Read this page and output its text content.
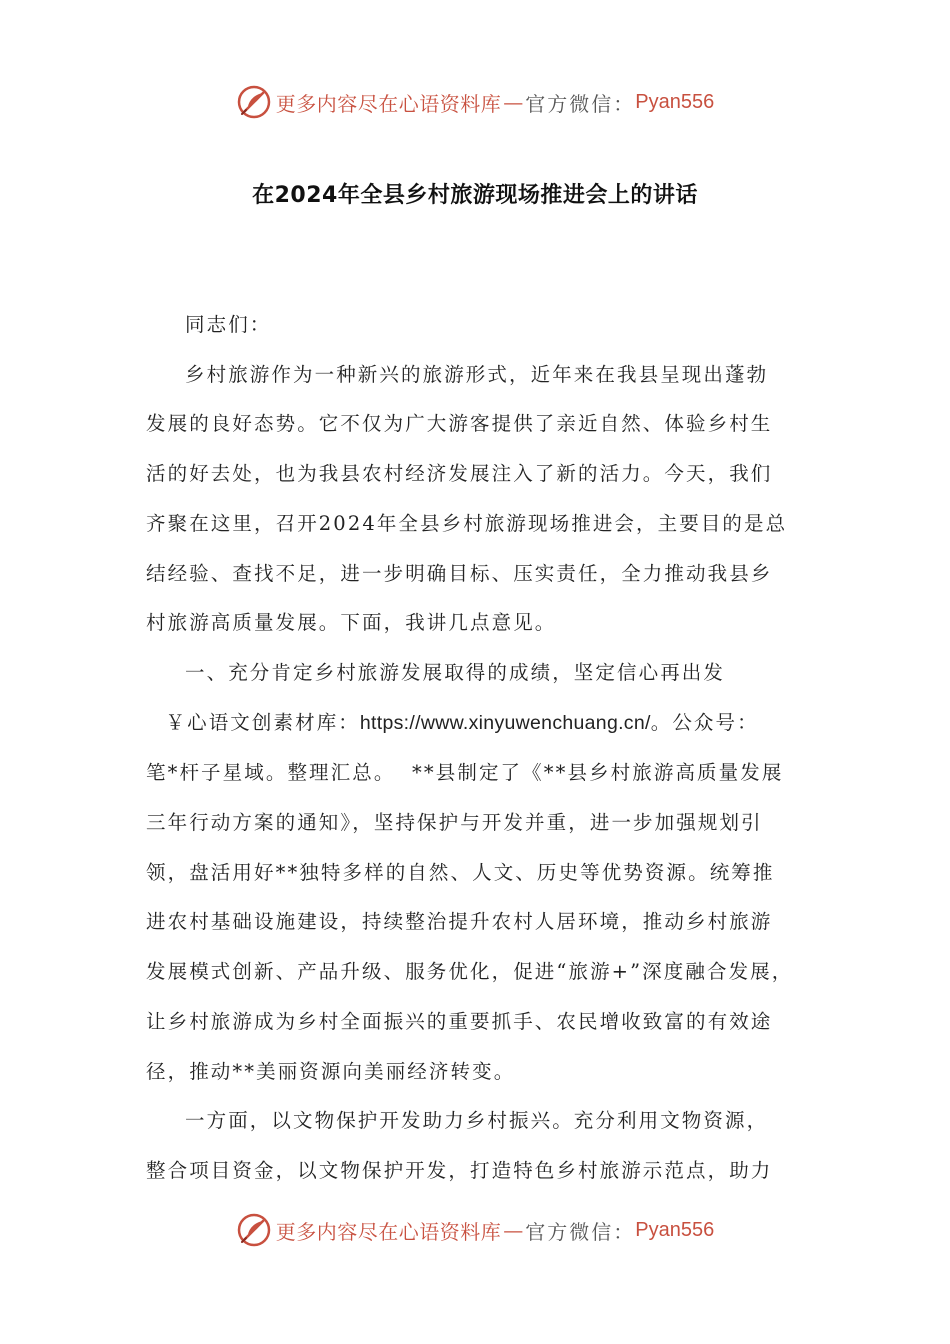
更多内容尽在心语资料库 — 官方微信： Pyan556
在2024年全县乡村旅游现场推进会上的讲话

同志们：

乡村旅游作为一种新兴的旅游形式，近年来在我县呈现出蓬勃
发展的良好态势。它不仅为广大游客提供了亲近自然、体验乡村生
活的好去处，也为我县农村经济发展注入了新的活力。今天，我们
齐聚在这里，召开2024年全县乡村旅游现场推进会，主要目的是总
结经验、查找不足，进一步明确目标、压实责任，全力推动我县乡
村旅游高质量发展。下面，我讲几点意见。

一、充分肯定乡村旅游发展取得的成绩，坚定信心再出发

￥心语文创素材库：https://www.xinyuwenchuang.cn/。公众号：

笔*杆子星域。整理汇总。  **县制定了《**县乡村旅游高质量发展
三年行动方案的通知》，坚持保护与开发并重，进一步加强规划引
领，盘活用好**独特多样的自然、人文、历史等优势资源。统筹推
进农村基础设施建设，持续整治提升农村人居环境，推动乡村旅游
发展模式创新、产品升级、服务优化，促进“旅游+”深度融合发展，
让乡村旅游成为乡村全面振兴的重要抓手、农民增收致富的有效途
径，推动**美丽资源向美丽经济转变。

一方面，以文物保护开发助力乡村振兴。充分利用文物资源，
整合项目资金，以文物保护开发，打造特色乡村旅游示范点，助力

更多内容尽在心语资料库 — 官方微信： Pyan556
